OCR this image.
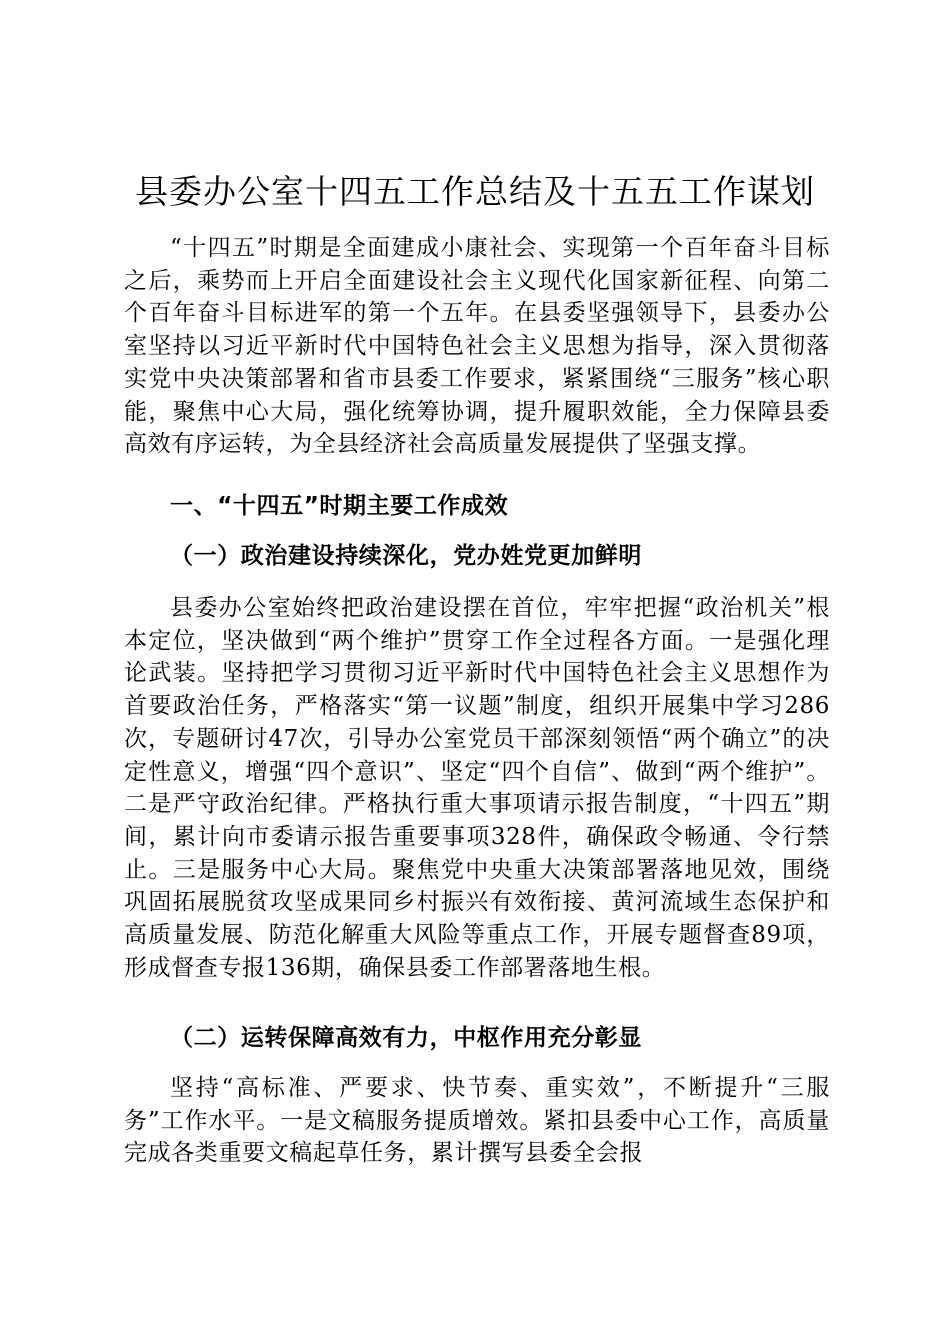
县委办公室十四五工作总结及十五五工作谋划

“十四五”时期是全面建成小康社会、实现第一个百年奋斗目标之后，乘势而上开启全面建设社会主义现代化国家新征程、向第二个百年奋斗目标进军的第一个五年。在县委坚强领导下，县委办公室坚持以习近平新时代中国特色社会主义思想为指导，深入贯彻落实党中央决策部署和省市县委工作要求，紧紧围绕“三服务”核心职能，聚焦中心大局，强化统筹协调，提升履职效能，全力保障县委高效有序运转，为全县经济社会高质量发展提供了坚强支撑。

一、“十四五”时期主要工作成效
（一）政治建设持续深化，党办姓党更加鲜明

县委办公室始终把政治建设摆在首位，牢牢把握“政治机关”根本定位，坚决做到“两个维护”贯穿工作全过程各方面。一是强化理论武装。坚持把学习贯彻习近平新时代中国特色社会主义思想作为首要政治任务，严格落实“第一议题”制度，组织开展集中学习286次，专题研讨47次，引导办公室党员干部深刻领悟“两个确立”的决定性意义，增强“四个意识”、坚定“四个自信”、做到“两个维护”。二是严守政治纪律。严格执行重大事项请示报告制度，“十四五”期间，累计向市委请示报告重要事项328件，确保政令畅通、令行禁止。三是服务中心大局。聚焦党中央重大决策部署落地见效，围绕巩固拓展脱贫攻坚成果同乡村振兴有效衔接、黄河流域生态保护和高质量发展、防范化解重大风险等重点工作，开展专题督查89项，形成督查专报136期，确保县委工作部署落地生根。

（二）运转保障高效有力，中枢作用充分彰显

坚持“高标准、严要求、快节奏、重实效”，不断提升“三服务”工作水平。一是文稿服务提质增效。紧扣县委中心工作，高质量完成各类重要文稿起草任务，累计撰写县委全会报
